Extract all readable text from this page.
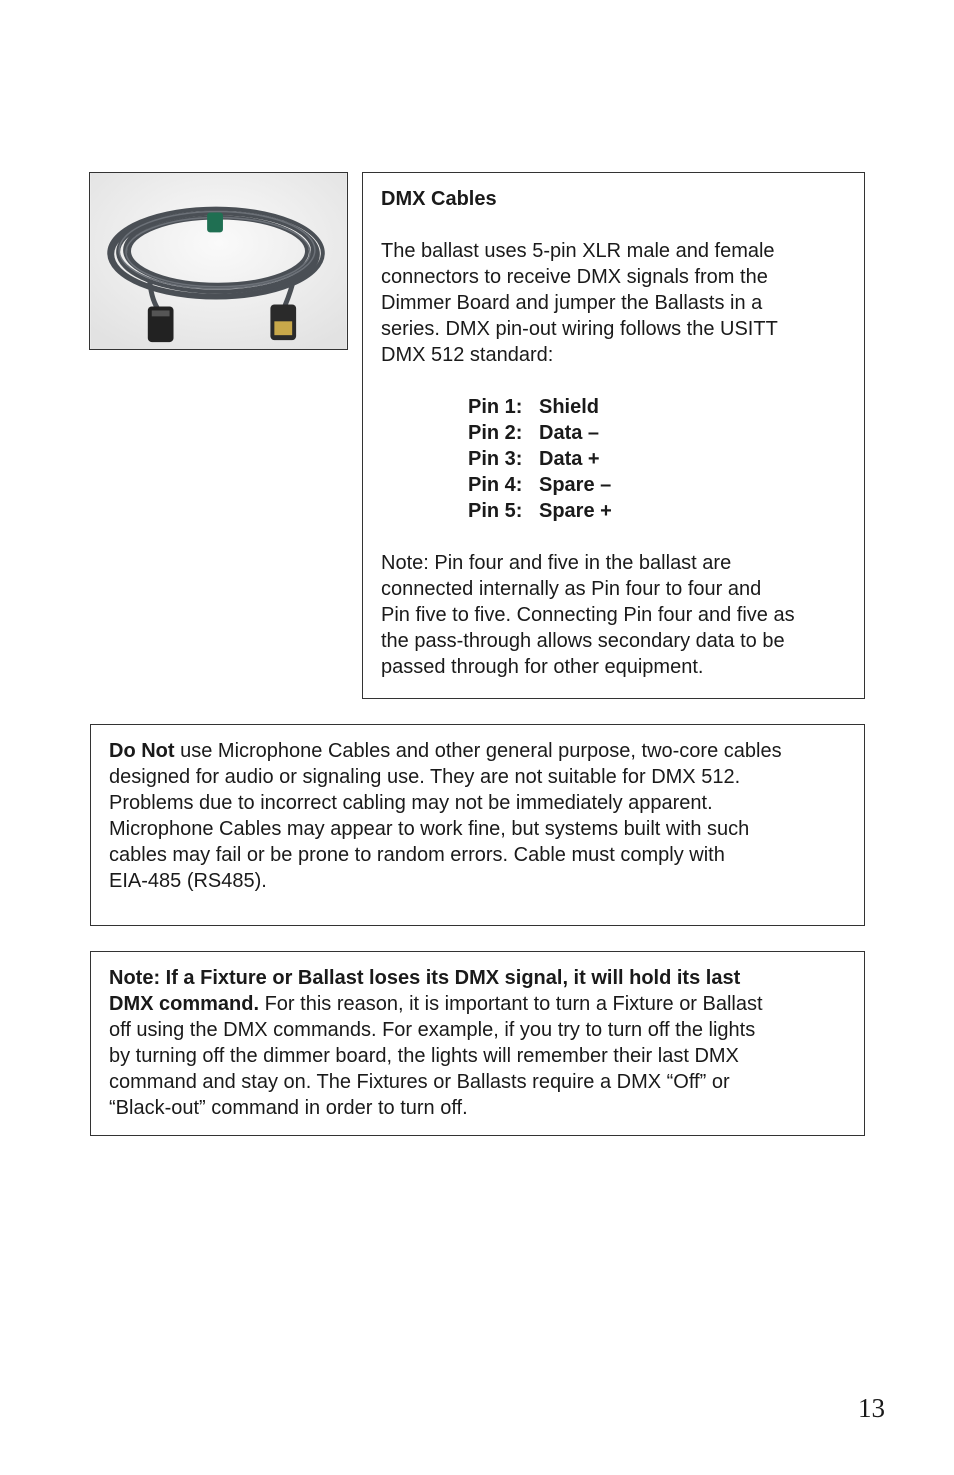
DMX Cables
The ballast uses 5-pin XLR male and female
connectors to receive DMX signals from the
Dimmer Board and jumper the Ballasts in a
series. DMX pin-out wiring follows the USITT
DMX 512 standard:
Pin 1: Shield
Pin 2: Data –
Pin 3: Data +
Pin 4: Spare –
Pin 5: Spare +
Note: Pin four and five in the ballast are
connected internally as Pin four to four and
Pin five to five. Connecting Pin four and five as
the pass-through allows secondary data to be
passed through for other equipment.
Do Not use Microphone Cables and other general purpose, two-core cables
designed for audio or signaling use. They are not suitable for DMX 512.
Problems due to incorrect cabling may not be immediately apparent.
Microphone Cables may appear to work fine, but systems built with such
cables may fail or be prone to random errors. Cable must comply with
EIA-485 (RS485).
Note: If a Fixture or Ballast loses its DMX signal, it will hold its last
DMX command. For this reason, it is important to turn a Fixture or Ballast
off using the DMX commands. For example, if you try to turn off the lights
by turning off the dimmer board, the lights will remember their last DMX
command and stay on. The Fixtures or Ballasts require a DMX “Off” or
“Black-out” command in order to turn off.
13
